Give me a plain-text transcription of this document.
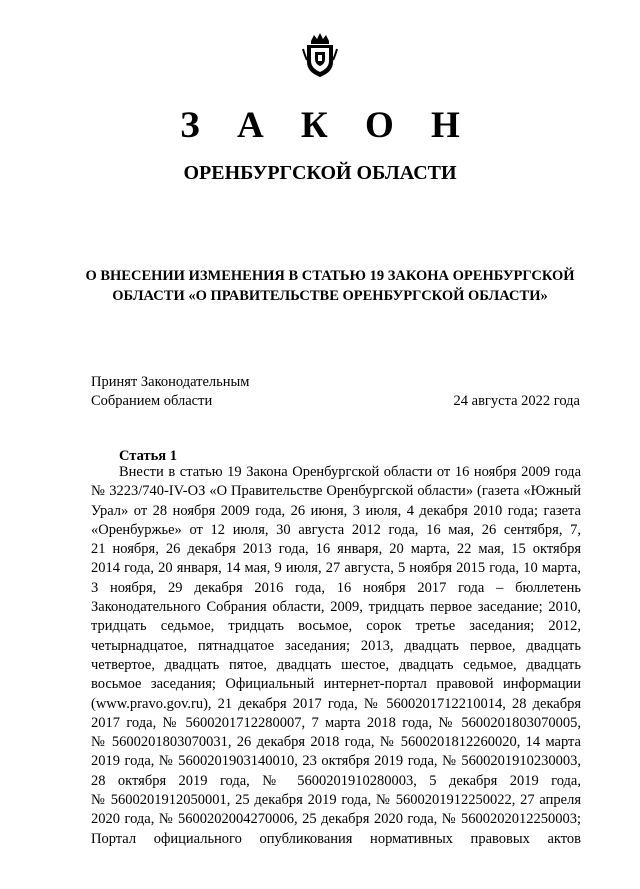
З А К О Н
ОРЕНБУРГСКОЙ ОБЛАСТИ
О ВНЕСЕНИИ ИЗМЕНЕНИЯ В СТАТЬЮ 19 ЗАКОНА ОРЕНБУРГСКОЙ
ОБЛАСТИ «О ПРАВИТЕЛЬСТВЕ ОРЕНБУРГСКОЙ ОБЛАСТИ»
Принят Законодательным
Собранием области	24 августа 2022 года
Статья 1
Внести в статью 19 Закона Оренбургской области от 16 ноября 2009 года
№ 3223/740-IV-ОЗ «О Правительстве Оренбургской области» (газета «Южный
Урал» от 28 ноября 2009 года, 26 июня, 3 июля, 4 декабря 2010 года; газета
«Оренбуржье» от 12 июля, 30 августа 2012 года, 16 мая, 26 сентября, 7,
21 ноября, 26 декабря 2013 года, 16 января, 20 марта, 22 мая, 15 октября
2014 года, 20 января, 14 мая, 9 июля, 27 августа, 5 ноября 2015 года, 10 марта,
3 ноября, 29 декабря 2016 года, 16 ноября 2017 года – бюллетень
Законодательного Собрания области, 2009, тридцать первое заседание; 2010,
тридцать седьмое, тридцать восьмое, сорок третье заседания; 2012,
четырнадцатое, пятнадцатое заседания; 2013, двадцать первое, двадцать
четвертое, двадцать пятое, двадцать шестое, двадцать седьмое, двадцать
восьмое заседания; Официальный интернет-портал правовой информации
(www.pravo.gov.ru), 21 декабря 2017 года, № 5600201712210014, 28 декабря
2017 года, № 5600201712280007, 7 марта 2018 года, № 5600201803070005,
№ 5600201803070031, 26 декабря 2018 года, № 5600201812260020, 14 марта
2019 года, № 5600201903140010, 23 октября 2019 года, № 5600201910230003,
28 октября 2019 года, № 5600201910280003, 5 декабря 2019 года,
№ 5600201912050001, 25 декабря 2019 года, № 5600201912250022, 27 апреля
2020 года, № 5600202004270006, 25 декабря 2020 года, № 5600202012250003;
Портал официального опубликования нормативных правовых актов
